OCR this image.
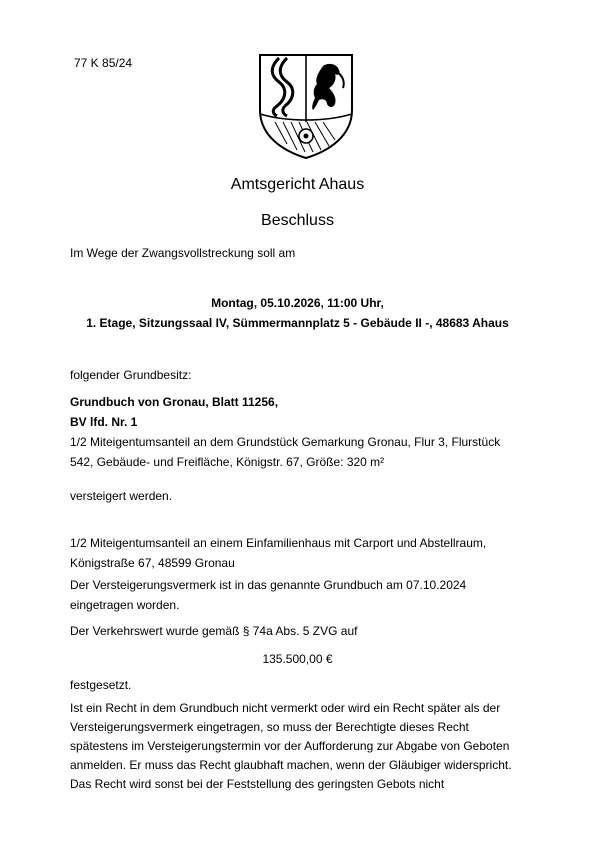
77 K 85/24
Amtsgericht Ahaus
Beschluss
Im Wege der Zwangsvollstreckung soll am
Montag, 05.10.2026, 11:00 Uhr,
1. Etage, Sitzungssaal IV, Sümmermannplatz 5 - Gebäude II -, 48683 Ahaus
folgender Grundbesitz:
Grundbuch von Gronau, Blatt 11256,
BV lfd. Nr. 1
1/2 Miteigentumsanteil an dem Grundstück Gemarkung Gronau, Flur 3, Flurstück
542, Gebäude- und Freifläche, Königstr. 67, Größe: 320 m²
versteigert werden.
1/2 Miteigentumsanteil an einem Einfamilienhaus mit Carport und Abstellraum,
Königstraße 67, 48599 Gronau
Der Versteigerungsvermerk ist in das genannte Grundbuch am 07.10.2024
eingetragen worden.
Der Verkehrswert wurde gemäß § 74a Abs. 5 ZVG auf
135.500,00 €
festgesetzt.
Ist ein Recht in dem Grundbuch nicht vermerkt oder wird ein Recht später als der
Versteigerungsvermerk eingetragen, so muss der Berechtigte dieses Recht
spätestens im Versteigerungstermin vor der Aufforderung zur Abgabe von Geboten
anmelden. Er muss das Recht glaubhaft machen, wenn der Gläubiger widerspricht.
Das Recht wird sonst bei der Feststellung des geringsten Gebots nicht
